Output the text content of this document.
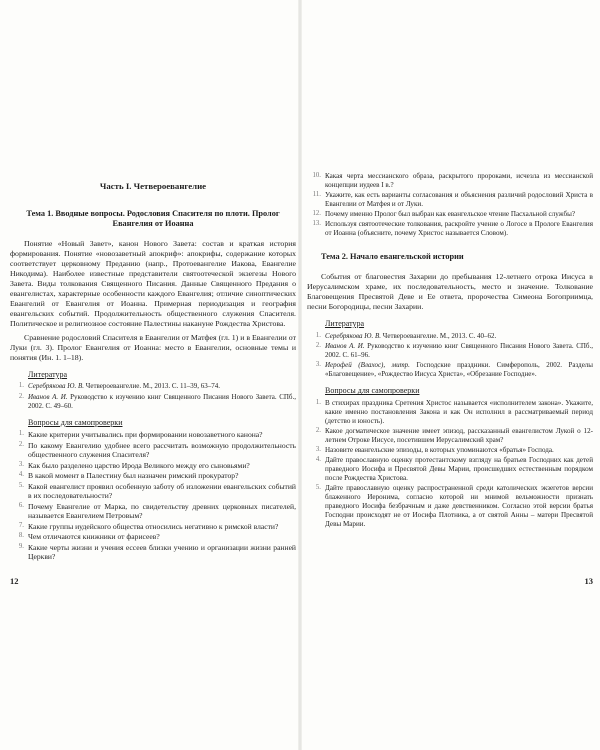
Часть I. Четвероевангелие
Тема 1. Вводные вопросы. Родословия Спасителя по плоти. Пролог Евангелия от Иоанна

Понятие «Новый Завет», канон Нового Завета: состав и краткая история формирования. Понятие «новозаветный апокриф»: апокрифы, содержание которых соответствует церковному Преданию (напр., Протоевангелие Иакова, Евангелие Никодима). Наиболее известные представители святоотеческой экзегезы Нового Завета. Виды толкования Священного Писания. Данные Священного Предания о евангелистах, характерные особенности каждого Евангелия; отличие синоптических Евангелий от Евангелия от Иоанна. Примерная периодизация и география евангельских событий. Продолжительность общественного служения Спасителя. Политическое и религиозное состояние Палестины накануне Рождества Христова.

Сравнение родословий Спасителя в Евангелии от Матфея (гл. 1) и в Евангелии от Луки (гл. 3). Пролог Евангелия от Иоанна: место в Евангелии, основные темы и понятия (Ин. 1. 1–18).

Литература
1. Серебрякова Ю. В. Четвероевангелие. М., 2013. С. 11–39, 63–74.
2. Иванов А. И. Руководство к изучению книг Священного Писания Нового Завета. СПб., 2002. С. 49–60.
Вопросы для самопроверки
1. Какие критерии учитывались при формировании новозаветного канона?
2. По какому Евангелию удобнее всего рассчитать возможную продолжительность общественного служения Спасителя?
3. Как было разделено царство Ирода Великого между его сыновьями?
4. В какой момент в Палестину был назначен римский прокуратор?
5. Какой евангелист проявил особенную заботу об изложении евангельских событий в их последовательности?
6. Почему Евангелие от Марка, по свидетельству древних церковных писателей, называется Евангелием Петровым?
7. Какие группы иудейского общества относились негативно к римской власти?
8. Чем отличаются книжники от фарисеев?
9. Какие черты жизни и учения ессеев близки учению и организации жизни ранней Церкви?
12
10. Какая черта мессианского образа, раскрытого пророками, исчезла из мессианской концепции иудеев I в.?
11. Укажите, как есть варианты согласования и объяснения различий родословий Христа в Евангелии от Матфея и от Луки.
12. Почему именно Пролог был выбран как евангельское чтение Пасхальной службы?
13. Используя святоотеческие толкования, раскройте учение о Логосе в Прологе Евангелия от Иоанна (объясните, почему Христос называется Словом).
Тема 2. Начало евангельской истории

События от благовестия Захарии до пребывания 12-летнего отрока Иисуса в Иерусалимском храме, их последовательность, место и значение. Толкование Благовещения Пресвятой Деве и Ее ответа, пророчества Симеона Богоприимца, песни Богородицы, песни Захарии.

Литература
1. Серебрякова Ю. В. Четвероевангелие. М., 2013. С. 40–62.
2. Иванов А. И. Руководство к изучению книг Священного Писания Нового Завета. СПб., 2002. С. 61–96.
3. Иерофей (Влахос), митр. Господские праздники. Симферополь, 2002. Разделы «Благовещение», «Рождество Иисуса Христа», «Обрезание Господне».
Вопросы для самопроверки
1. В стихирах праздника Сретения Христос называется «исполнителем закона». Укажите, какие именно постановления Закона и как Он исполнил в рассматриваемый период (детство и юность).
2. Какое догматическое значение имеет эпизод, рассказанный евангелистом Лукой о 12-летнем Отроке Иисусе, посетившем Иерусалимский храм?
3. Назовите евангельские эпизоды, в которых упоминаются «братья» Господа.
4. Дайте православную оценку протестантскому взгляду на братьев Господних как детей праведного Иосифа и Пресвятой Девы Марии, происшедших естественным порядком после Рождества Христова.
5. Дайте православную оценку распространенной среди католических экзегетов версии блаженного Иеронима, согласно которой ни мнимой вельможности признать праведного Иосифа безбрачным и даже девственником. Согласно этой версии братья Господни происходят не от Иосифа Плотника, а от святой Анны – матери Пресвятой Девы Марии.
13
